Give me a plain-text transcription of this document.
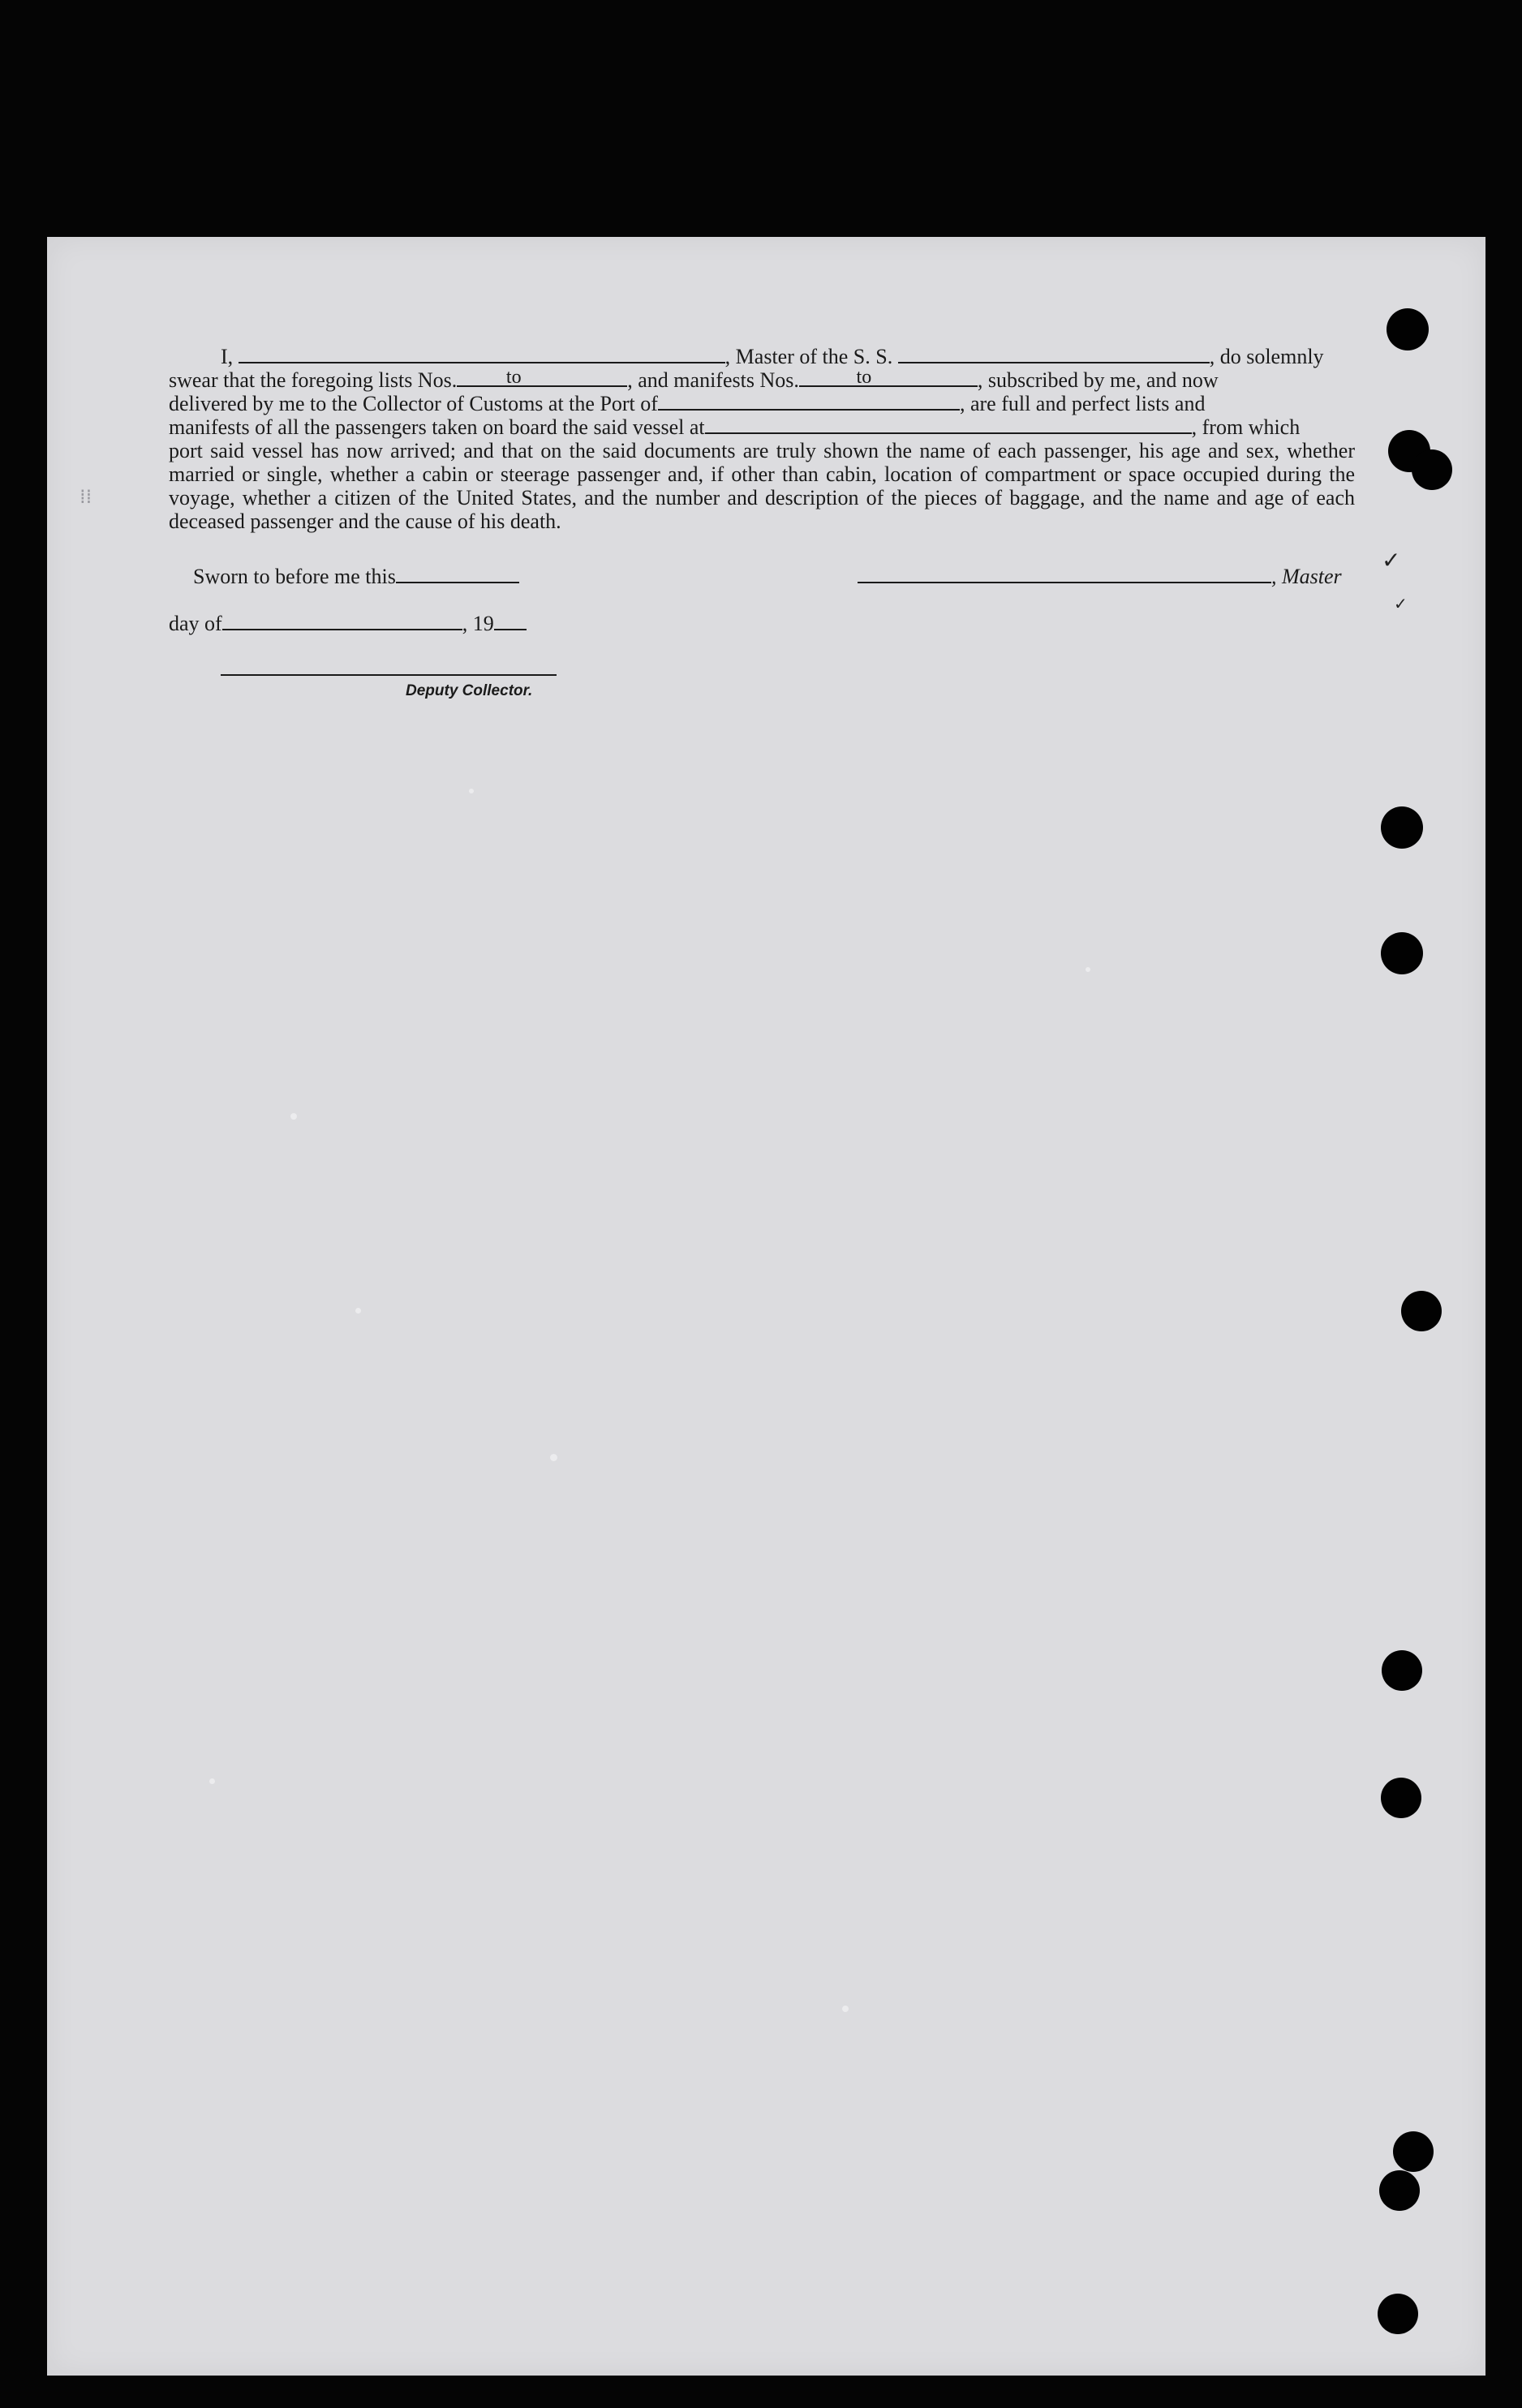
I,	, Master of the S. S.	, do solemnly

swear that the foregoing lists Nos.	to	, and manifests Nos.	to	, subscribed by me, and now

delivered by me to the Collector of Customs at the Port of	, are full and perfect lists and

manifests of all the passengers taken on board the said vessel at	, from which

port said vessel has now arrived; and that on the said documents are truly shown the name of each passenger, his age and sex, whether married or single, whether a cabin or steerage passenger and, if other than cabin, location of compartment or space occupied during the voyage, whether a citizen of the United States, and the number and description of the pieces of baggage, and the name and age of each deceased passenger and the cause of his death.

Sworn to before me this	, Master
day of	, 19
Deputy Collector.
⁞⁞
✓
✓
